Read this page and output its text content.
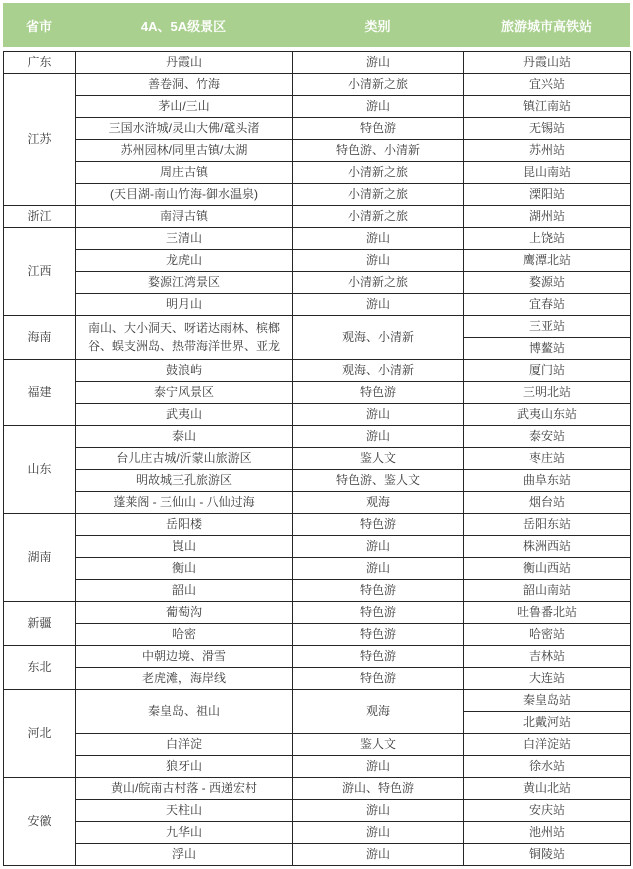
省市	4A、5A级景区	类别	旅游城市高铁站
广东	丹霞山	游山	丹霞山站
江苏	善卷洞、竹海	小清新之旅	宜兴站
	茅山/三山	游山	镇江南站
	三国水浒城/灵山大佛/鼋头渚	特色游	无锡站
	苏州园林/同里古镇/太湖	特色游、小清新	苏州站
	周庄古镇	小清新之旅	昆山南站
	(天目湖-南山竹海-御水温泉)	小清新之旅	溧阳站
浙江	南浔古镇	小清新之旅	湖州站
江西	三清山	游山	上饶站
	龙虎山	游山	鹰潭北站
	婺源江湾景区	小清新之旅	婺源站
	明月山	游山	宜春站
海南	南山、大小洞天、呀诺达雨林、槟榔谷、蜈支洲岛、热带海洋世界、亚龙	观海、小清新	三亚站
			博鳌站
福建	鼓浪屿	观海、小清新	厦门站
	泰宁风景区	特色游	三明北站
	武夷山	游山	武夷山东站
山东	泰山	游山	泰安站
	台儿庄古城/沂蒙山旅游区	鉴人文	枣庄站
	明故城三孔旅游区	特色游、鉴人文	曲阜东站
	蓬莱阁 - 三仙山 - 八仙过海	观海	烟台站
湖南	岳阳楼	特色游	岳阳东站
	崀山	游山	株洲西站
	衡山	游山	衡山西站
	韶山	特色游	韶山南站
新疆	葡萄沟	特色游	吐鲁番北站
	哈密	特色游	哈密站
东北	中朝边境、滑雪	特色游	吉林站
	老虎滩，海岸线	特色游	大连站
河北	秦皇岛、祖山	观海	秦皇岛站
			北戴河站
	白洋淀	鉴人文	白洋淀站
	狼牙山	游山	徐水站
安徽	黄山/皖南古村落 - 西递宏村	游山、特色游	黄山北站
	天柱山	游山	安庆站
	九华山	游山	池州站
	浮山	游山	铜陵站
